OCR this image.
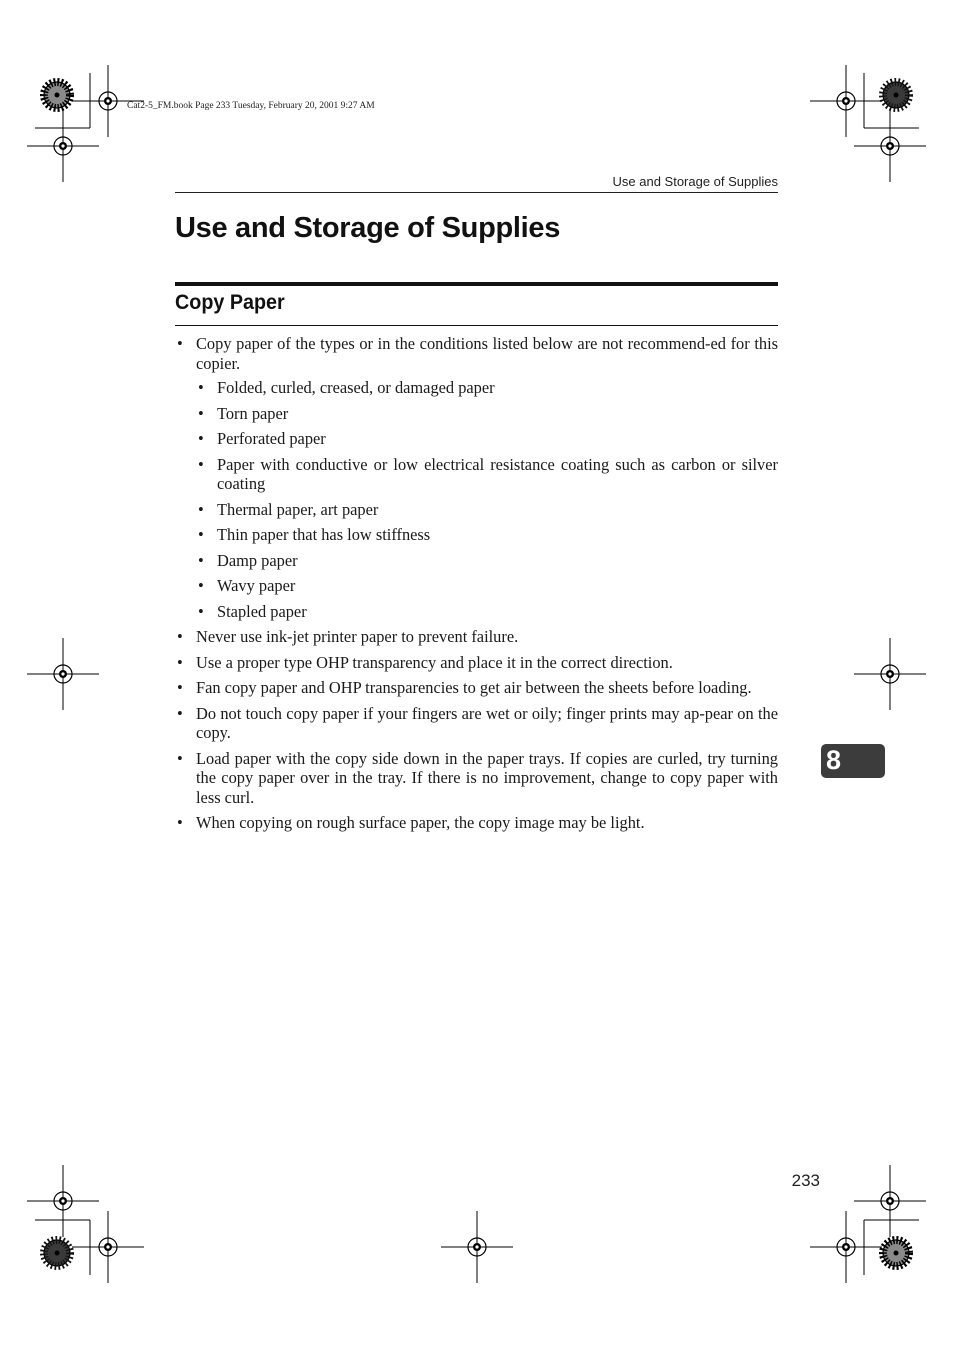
Cat2-5_FM.book Page 233 Tuesday, February 20, 2001 9:27 AM
Use and Storage of Supplies
Use and Storage of Supplies
Copy Paper
• Copy paper of the types or in the conditions listed below are not recommend-ed for this copier.
• Folded, curled, creased, or damaged paper
• Torn paper
• Perforated paper
• Paper with conductive or low electrical resistance coating such as carbon or silver coating
• Thermal paper, art paper
• Thin paper that has low stiffness
• Damp paper
• Wavy paper
• Stapled paper
• Never use ink-jet printer paper to prevent failure.
• Use a proper type OHP transparency and place it in the correct direction.
• Fan copy paper and OHP transparencies to get air between the sheets before loading.
• Do not touch copy paper if your fingers are wet or oily; finger prints may ap-pear on the copy.
• Load paper with the copy side down in the paper trays. If copies are curled, try turning the copy paper over in the tray. If there is no improvement, change to copy paper with less curl.
• When copying on rough surface paper, the copy image may be light.
8
233
